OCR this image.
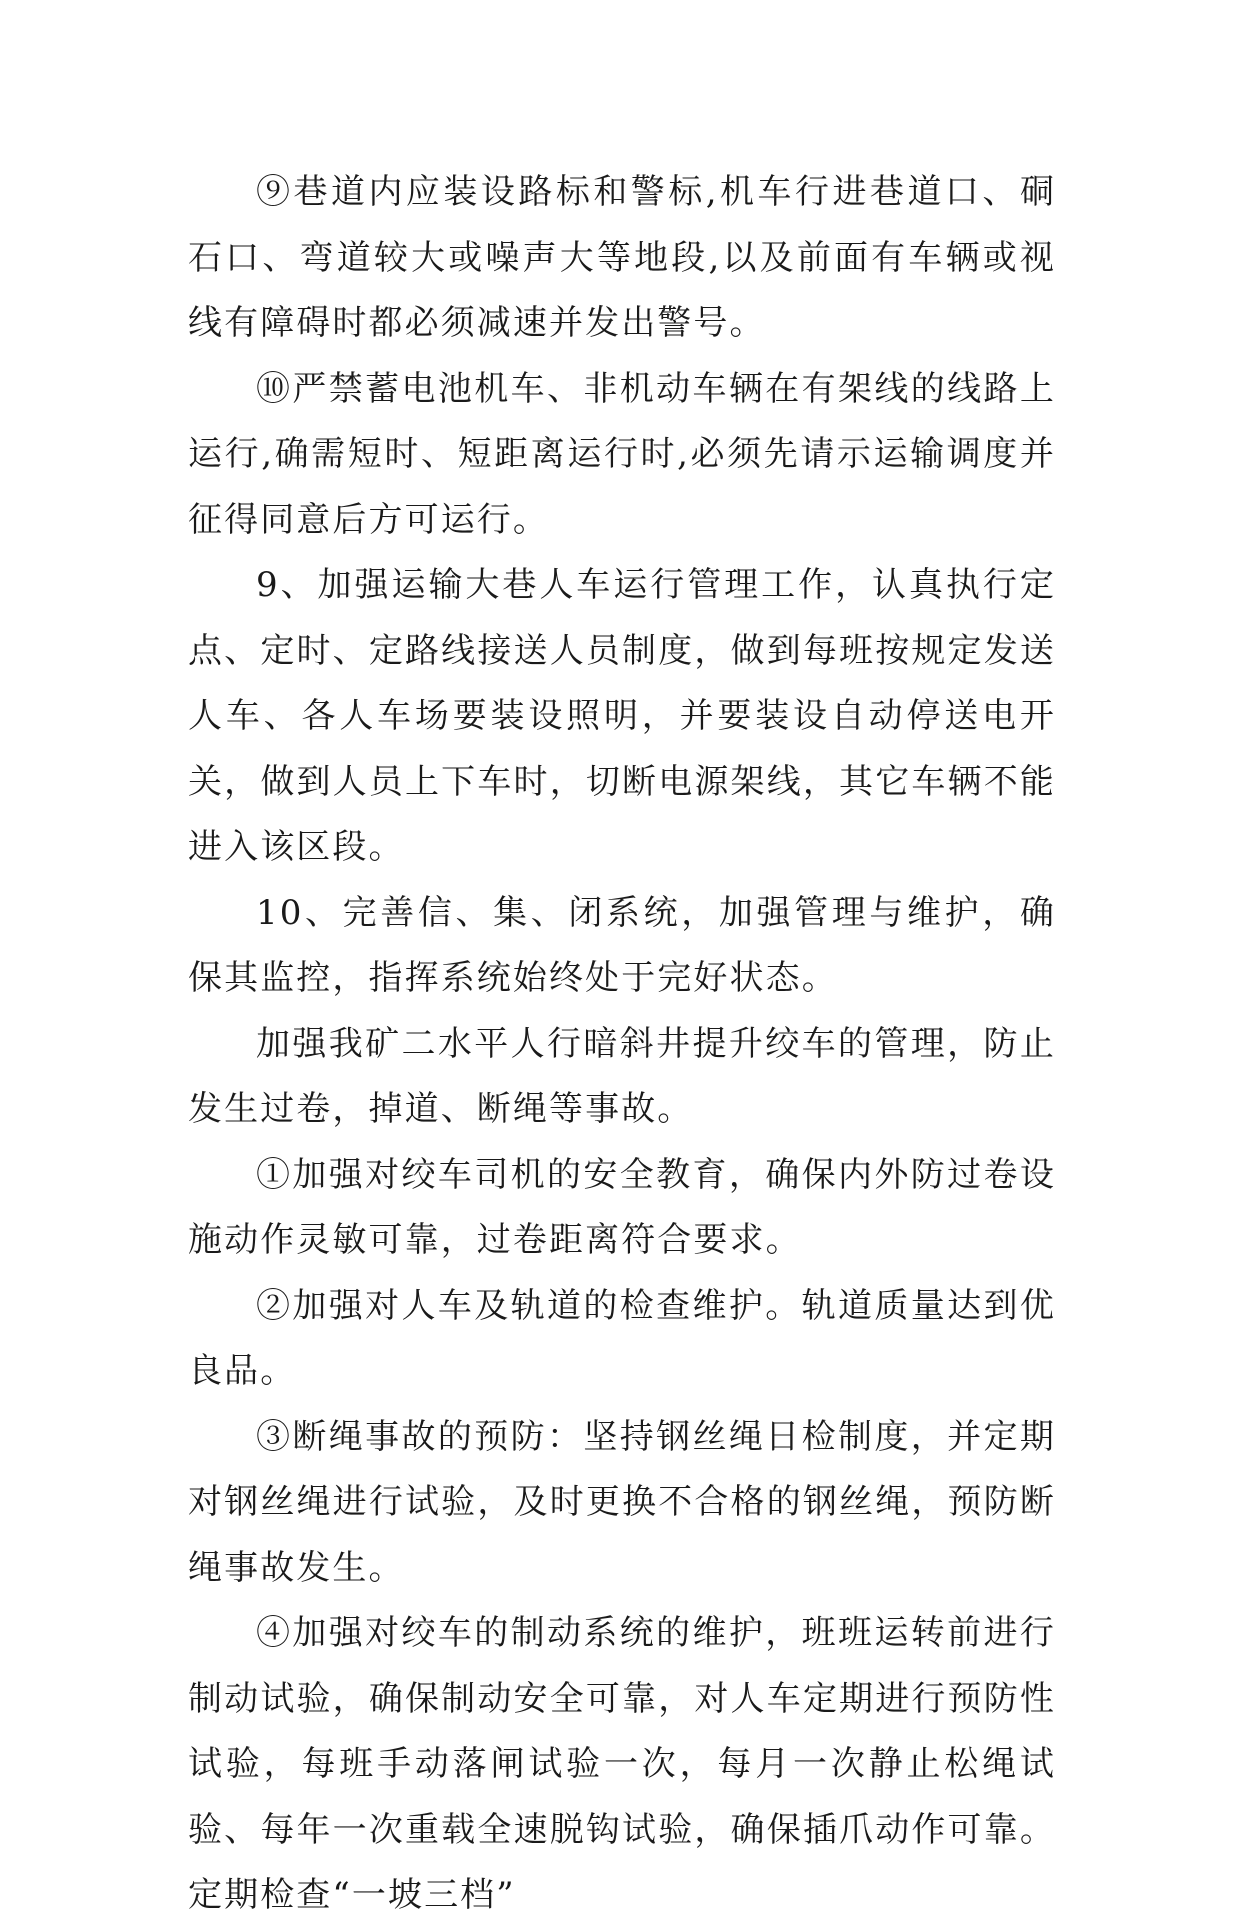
⑨巷道内应装设路标和警标,机车行进巷道口、硐石口、弯道较大或噪声大等地段,以及前面有车辆或视线有障碍时都必须减速并发出警号。

⑩严禁蓄电池机车、非机动车辆在有架线的线路上运行,确需短时、短距离运行时,必须先请示运输调度并征得同意后方可运行。

9、加强运输大巷人车运行管理工作，认真执行定点、定时、定路线接送人员制度，做到每班按规定发送人车、各人车场要装设照明，并要装设自动停送电开关，做到人员上下车时，切断电源架线，其它车辆不能进入该区段。

10、完善信、集、闭系统，加强管理与维护，确保其监控，指挥系统始终处于完好状态。

加强我矿二水平人行暗斜井提升绞车的管理，防止发生过卷，掉道、断绳等事故。

①加强对绞车司机的安全教育，确保内外防过卷设施动作灵敏可靠，过卷距离符合要求。

②加强对人车及轨道的检查维护。轨道质量达到优良品。

③断绳事故的预防：坚持钢丝绳日检制度，并定期对钢丝绳进行试验，及时更换不合格的钢丝绳，预防断绳事故发生。

④加强对绞车的制动系统的维护，班班运转前进行制动试验，确保制动安全可靠，对人车定期进行预防性试验，每班手动落闸试验一次，每月一次静止松绳试验、每年一次重载全速脱钩试验，确保插爪动作可靠。定期检查“一坡三档”
